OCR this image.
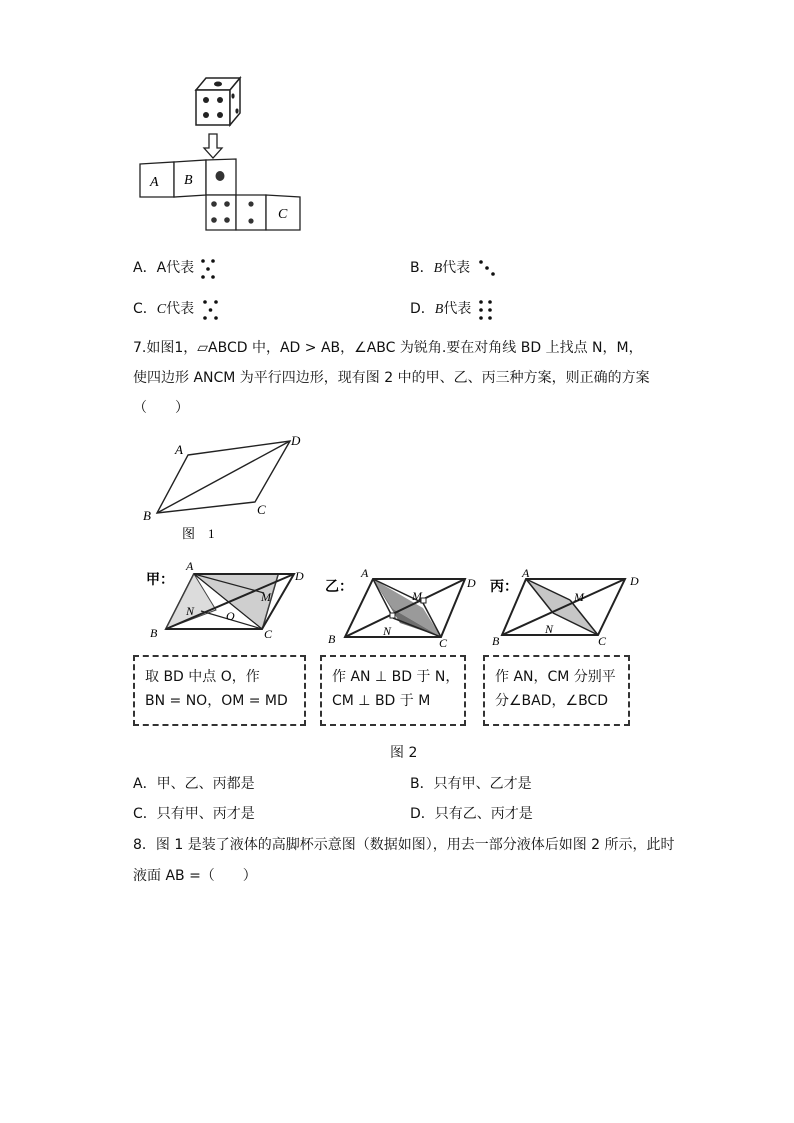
A B
C
A．A代表	B．B代表
C．C代表	D．B代表
7.如图1，▱ABCD 中，AD > AB，∠ABC 为锐角.要在对角线 BD 上找点 N，M，
使四边形 ANCM 为平行四边形，现有图 2 中的甲、乙、丙三种方案，则正确的方案
（　　）
A
B	C
D
图　1
甲：
A
B	C
D
N	O
M
乙：
A
B	C
D
M
N
丙：
A
B	C
D
M
N
取 BD 中点 O，作
BN = NO，OM = MD
作 AN ⊥ BD 于 N，
CM ⊥ BD 于 M
作 AN，CM 分别平
分∠BAD，∠BCD
图 2
A．甲、乙、丙都是	B．只有甲、乙才是
C．只有甲、丙才是	D．只有乙、丙才是
8．图 1 是装了液体的高脚杯示意图（数据如图），用去一部分液体后如图 2 所示，此时
液面 AB =（　　）
